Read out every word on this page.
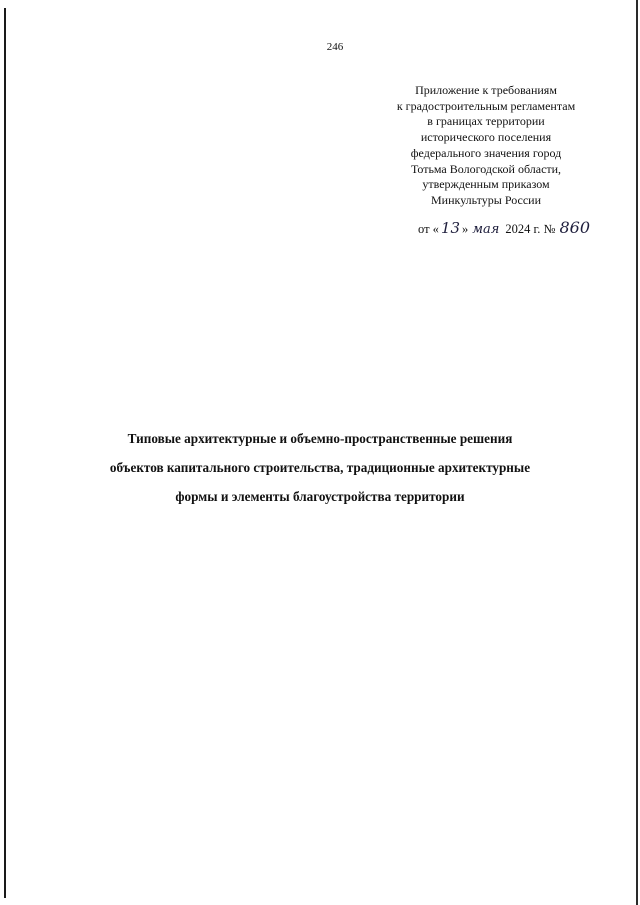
246
Приложение к требованиям
к градостроительным регламентам
в границах территории
исторического поселения
федерального значения город
Тотьма Вологодской области,
утвержденным приказом
Минкультуры России
от « 13 » мая 2024 г. № 860
Типовые архитектурные и объемно-пространственные решения
объектов капитального строительства, традиционные архитектурные
формы и элементы благоустройства территории
